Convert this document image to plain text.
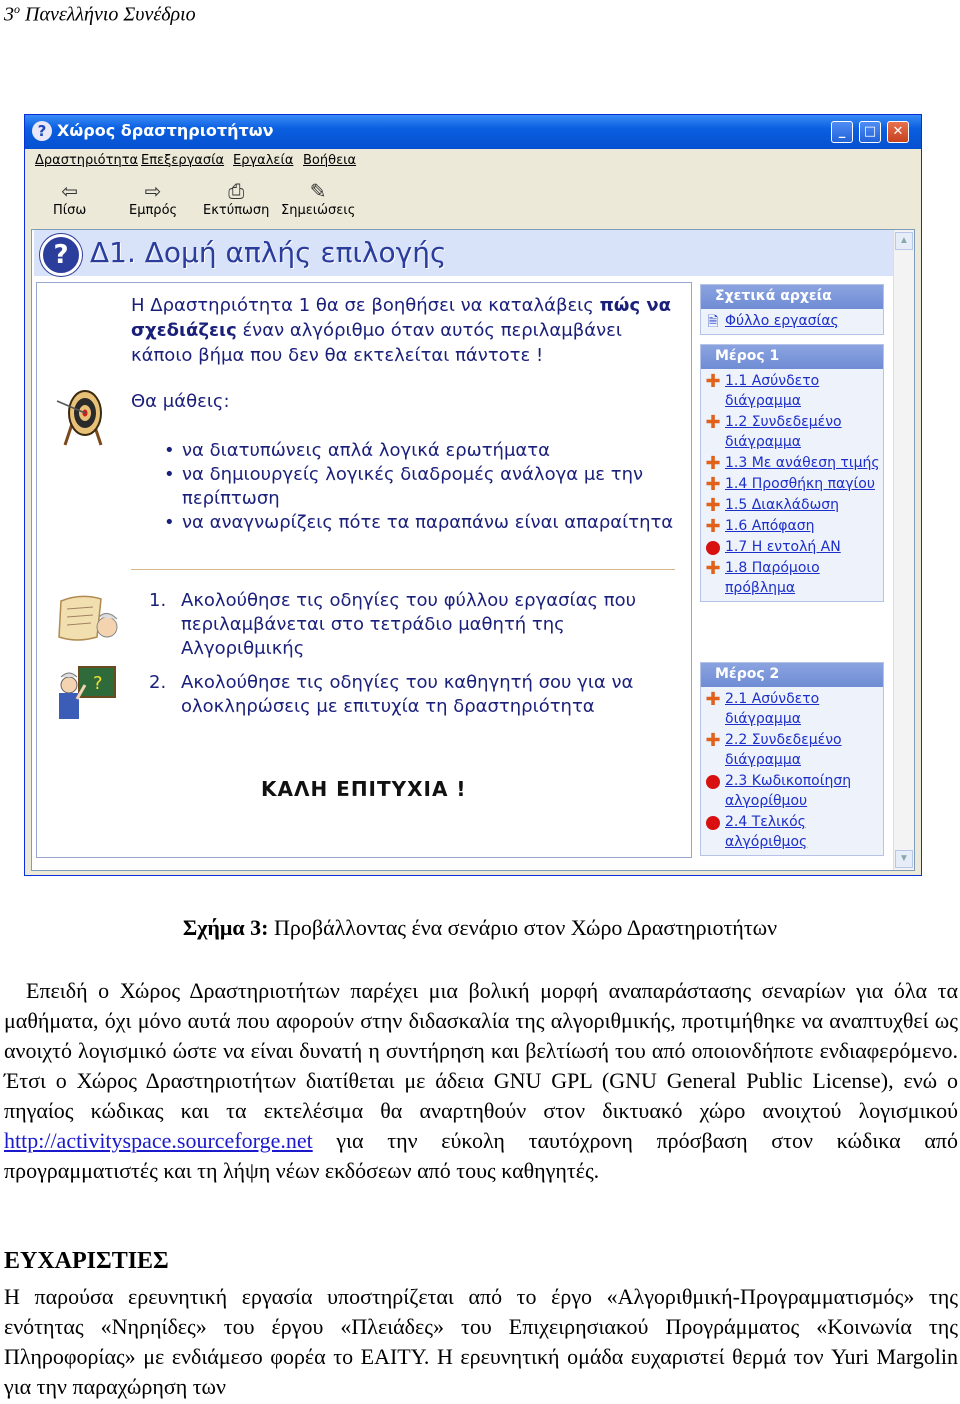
$3^o$ Πανελλήνιο Συνέδριο
? Χώρος δραστηριοτήτων	_	□	✕
Δραστηριότητα Επεξεργασία Εργαλεία Βοήθεια
⇦
Πίσω
⇨
Εμπρός
⎙
Εκτύπωση
✎
Σημειώσεις
? Δ1. Δομή απλής επιλογής	▲
▼
Η Δραστηριότητα 1 θα σε βοηθήσει να καταλάβεις πώς να σχεδιάζεις έναν αλγόριθμο όταν αυτός περιλαμβάνει κάποιο βήμα που δεν θα εκτελείται πάντοτε !
Θα μάθεις:
• να διατυπώνεις απλά λογικά ερωτήματα
• να δημιουργείς λογικές διαδρομές ανάλογα με την περίπτωση
• να αναγνωρίζεις πότε τα παραπάνω είναι απαραίτητα
1. Ακολούθησε τις οδηγίες του φύλλου εργασίας που περιλαμβάνεται στο τετράδιο μαθητή της Αλγοριθμικής
?	2. Ακολούθησε τις οδηγίες του καθηγητή σου για να ολοκληρώσεις με επιτυχία τη δραστηριότητα
ΚΑΛΗ ΕΠΙΤΥΧΙΑ !
Σχετικά αρχεία
🗎 Φύλλο εργασίας
Μέρος 1
✚ 1.1 Ασύνδετο διάγραμμα
✚ 1.2 Συνδεδεμένο διάγραμμα
✚ 1.3 Με ανάθεση τιμής
✚ 1.4 Προσθήκη παγίου
✚ 1.5 Διακλάδωση
✚ 1.6 Απόφαση
1.7 Η εντολή ΑΝ
✚ 1.8 Παρόμοιο πρόβλημα
Μέρος 2
✚ 2.1 Ασύνδετο διάγραμμα
✚ 2.2 Συνδεδεμένο διάγραμμα
2.3 Κωδικοποίηση αλγορίθμου
2.4 Τελικός αλγόριθμος
Σχήμα 3: Προβάλλοντας ένα σενάριο στον Χώρο Δραστηριοτήτων
Επειδή ο Χώρος Δραστηριοτήτων παρέχει μια βολική μορφή αναπαράστασης σεναρίων για όλα τα μαθήματα, όχι μόνο αυτά που αφορούν στην διδασκαλία της αλγοριθμικής, προτιμήθηκε να αναπτυχθεί ως ανοιχτό λογισμικό ώστε να είναι δυνατή η συντήρηση και βελτίωσή του από οποιονδήποτε ενδιαφερόμενο. Έτσι ο Χώρος Δραστηριοτήτων διατίθεται με άδεια GNU GPL (GNU General Public License), ενώ ο πηγαίος κώδικας και τα εκτελέσιμα θα αναρτηθούν στον δικτυακό χώρο ανοιχτού λογισμικού http://activityspace.sourceforge.net για την εύκολη ταυτόχρονη πρόσβαση στον κώδικα από προγραμματιστές και τη λήψη νέων εκδόσεων από τους καθηγητές.
ΕΥΧΑΡΙΣΤΙΕΣ
Η παρούσα ερευνητική εργασία υποστηρίζεται από το έργο «Αλγοριθμική-Προγραμματισμός» της ενότητας «Νηρηίδες» του έργου «Πλειάδες» του Επιχειρησιακού Προγράμματος «Κοινωνία της Πληροφορίας» με ενδιάμεσο φορέα το ΕΑΙΤΥ. Η ερευνητική ομάδα ευχαριστεί θερμά τον Yuri Margolin για την παραχώρηση των
